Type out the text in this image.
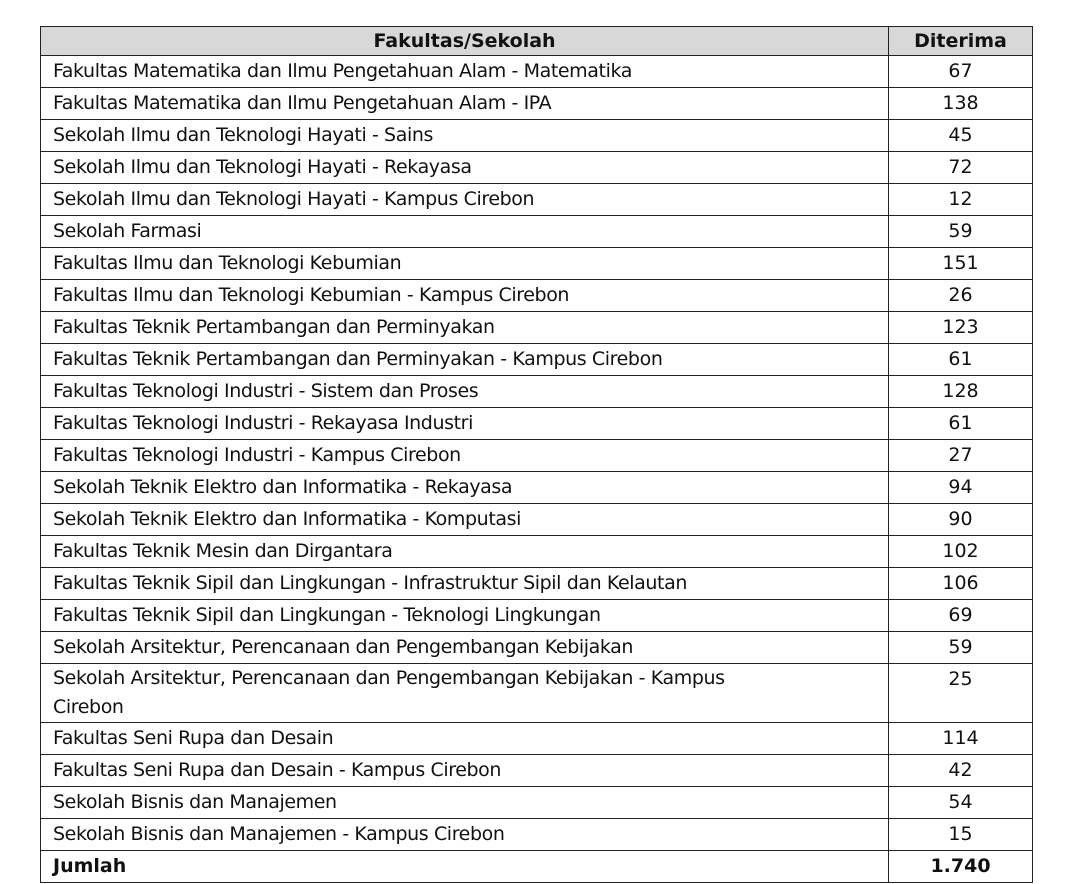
Fakultas/Sekolah	Diterima
Fakultas Matematika dan Ilmu Pengetahuan Alam - Matematika	67
Fakultas Matematika dan Ilmu Pengetahuan Alam - IPA	138
Sekolah Ilmu dan Teknologi Hayati - Sains	45
Sekolah Ilmu dan Teknologi Hayati - Rekayasa	72
Sekolah Ilmu dan Teknologi Hayati - Kampus Cirebon	12
Sekolah Farmasi	59
Fakultas Ilmu dan Teknologi Kebumian	151
Fakultas Ilmu dan Teknologi Kebumian - Kampus Cirebon	26
Fakultas Teknik Pertambangan dan Perminyakan	123
Fakultas Teknik Pertambangan dan Perminyakan - Kampus Cirebon	61
Fakultas Teknologi Industri - Sistem dan Proses	128
Fakultas Teknologi Industri - Rekayasa Industri	61
Fakultas Teknologi Industri - Kampus Cirebon	27
Sekolah Teknik Elektro dan Informatika - Rekayasa	94
Sekolah Teknik Elektro dan Informatika - Komputasi	90
Fakultas Teknik Mesin dan Dirgantara	102
Fakultas Teknik Sipil dan Lingkungan - Infrastruktur Sipil dan Kelautan	106
Fakultas Teknik Sipil dan Lingkungan - Teknologi Lingkungan	69
Sekolah Arsitektur, Perencanaan dan Pengembangan Kebijakan	59
Sekolah Arsitektur, Perencanaan dan Pengembangan Kebijakan - Kampus Cirebon	25
Fakultas Seni Rupa dan Desain	114
Fakultas Seni Rupa dan Desain - Kampus Cirebon	42
Sekolah Bisnis dan Manajemen	54
Sekolah Bisnis dan Manajemen - Kampus Cirebon	15
Jumlah	1.740
